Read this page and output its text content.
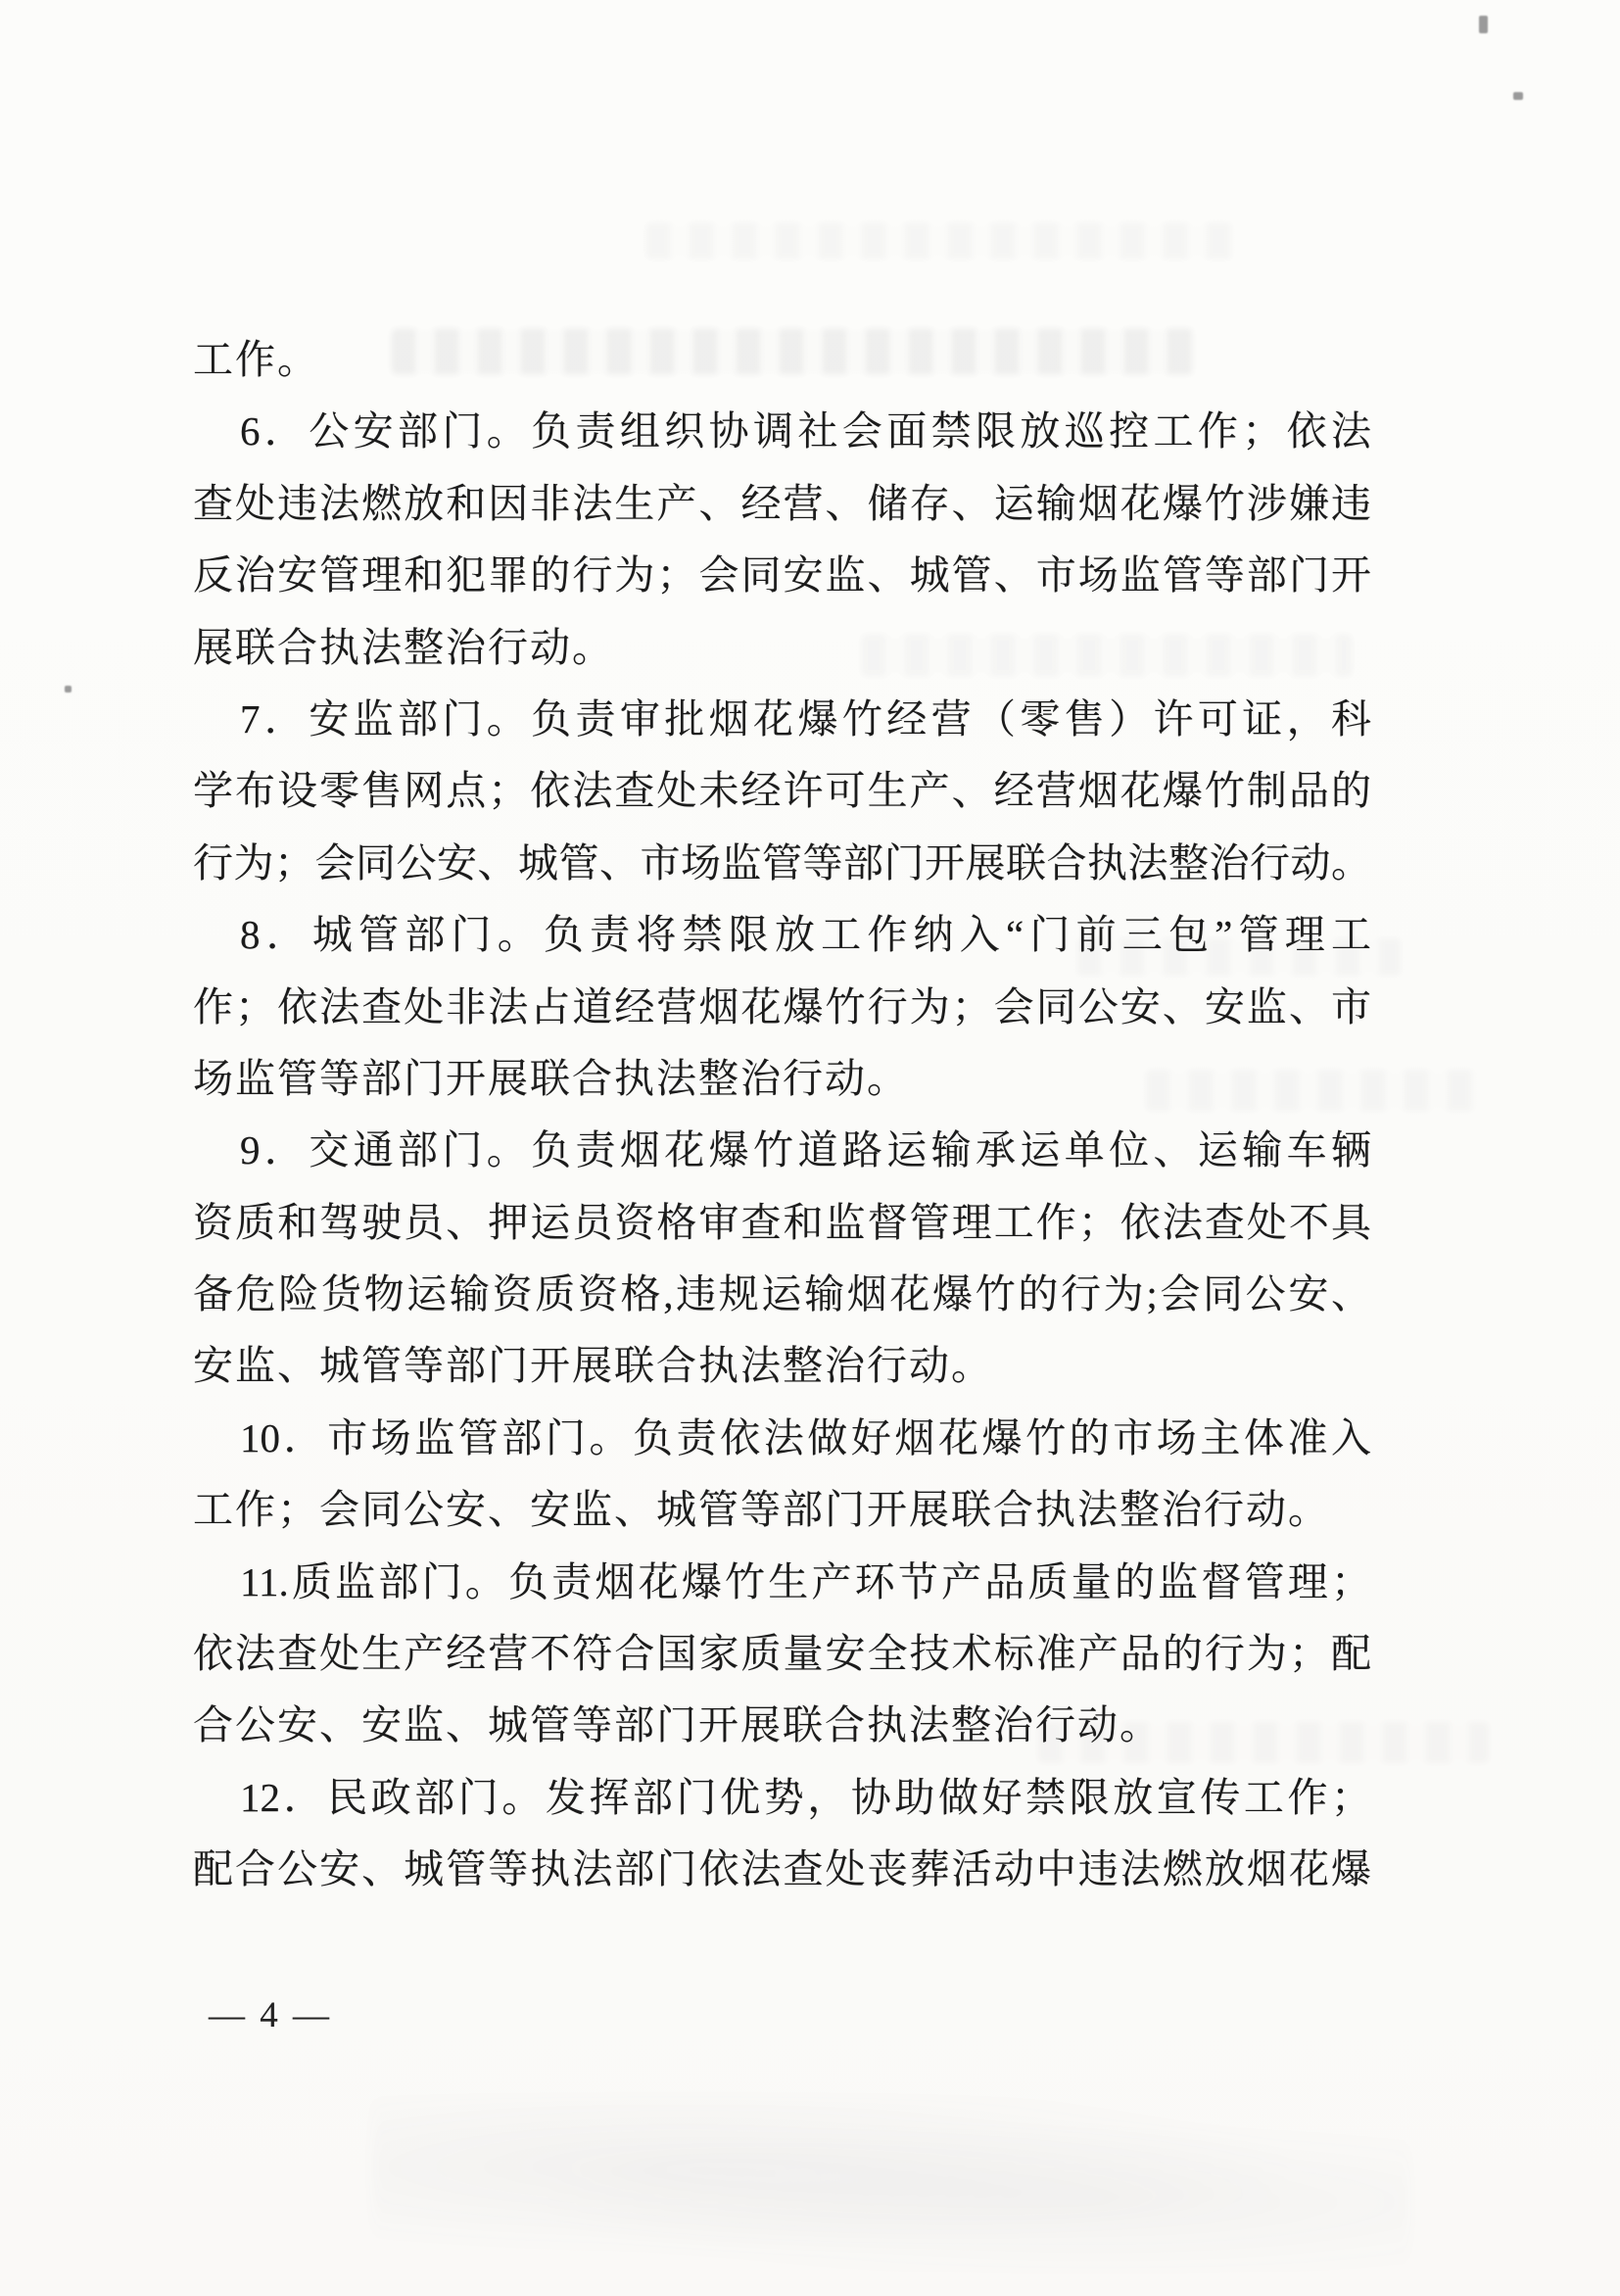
工作。
6．公安部门。负责组织协调社会面禁限放巡控工作；依法
查处违法燃放和因非法生产、经营、储存、运输烟花爆竹涉嫌违
反治安管理和犯罪的行为；会同安监、城管、市场监管等部门开
展联合执法整治行动。
7．安监部门。负责审批烟花爆竹经营（零售）许可证，科
学布设零售网点；依法查处未经许可生产、经营烟花爆竹制品的
行为；会同公安、城管、市场监管等部门开展联合执法整治行动。
8．城管部门。负责将禁限放工作纳入“门前三包”管理工
作；依法查处非法占道经营烟花爆竹行为；会同公安、安监、市
场监管等部门开展联合执法整治行动。
9．交通部门。负责烟花爆竹道路运输承运单位、运输车辆
资质和驾驶员、押运员资格审查和监督管理工作；依法查处不具
备危险货物运输资质资格,违规运输烟花爆竹的行为;会同公安、
安监、城管等部门开展联合执法整治行动。
10．市场监管部门。负责依法做好烟花爆竹的市场主体准入
工作；会同公安、安监、城管等部门开展联合执法整治行动。
11.质监部门。负责烟花爆竹生产环节产品质量的监督管理；
依法查处生产经营不符合国家质量安全技术标准产品的行为；配
合公安、安监、城管等部门开展联合执法整治行动。
12．民政部门。发挥部门优势，协助做好禁限放宣传工作；
配合公安、城管等执法部门依法查处丧葬活动中违法燃放烟花爆
— 4 —
